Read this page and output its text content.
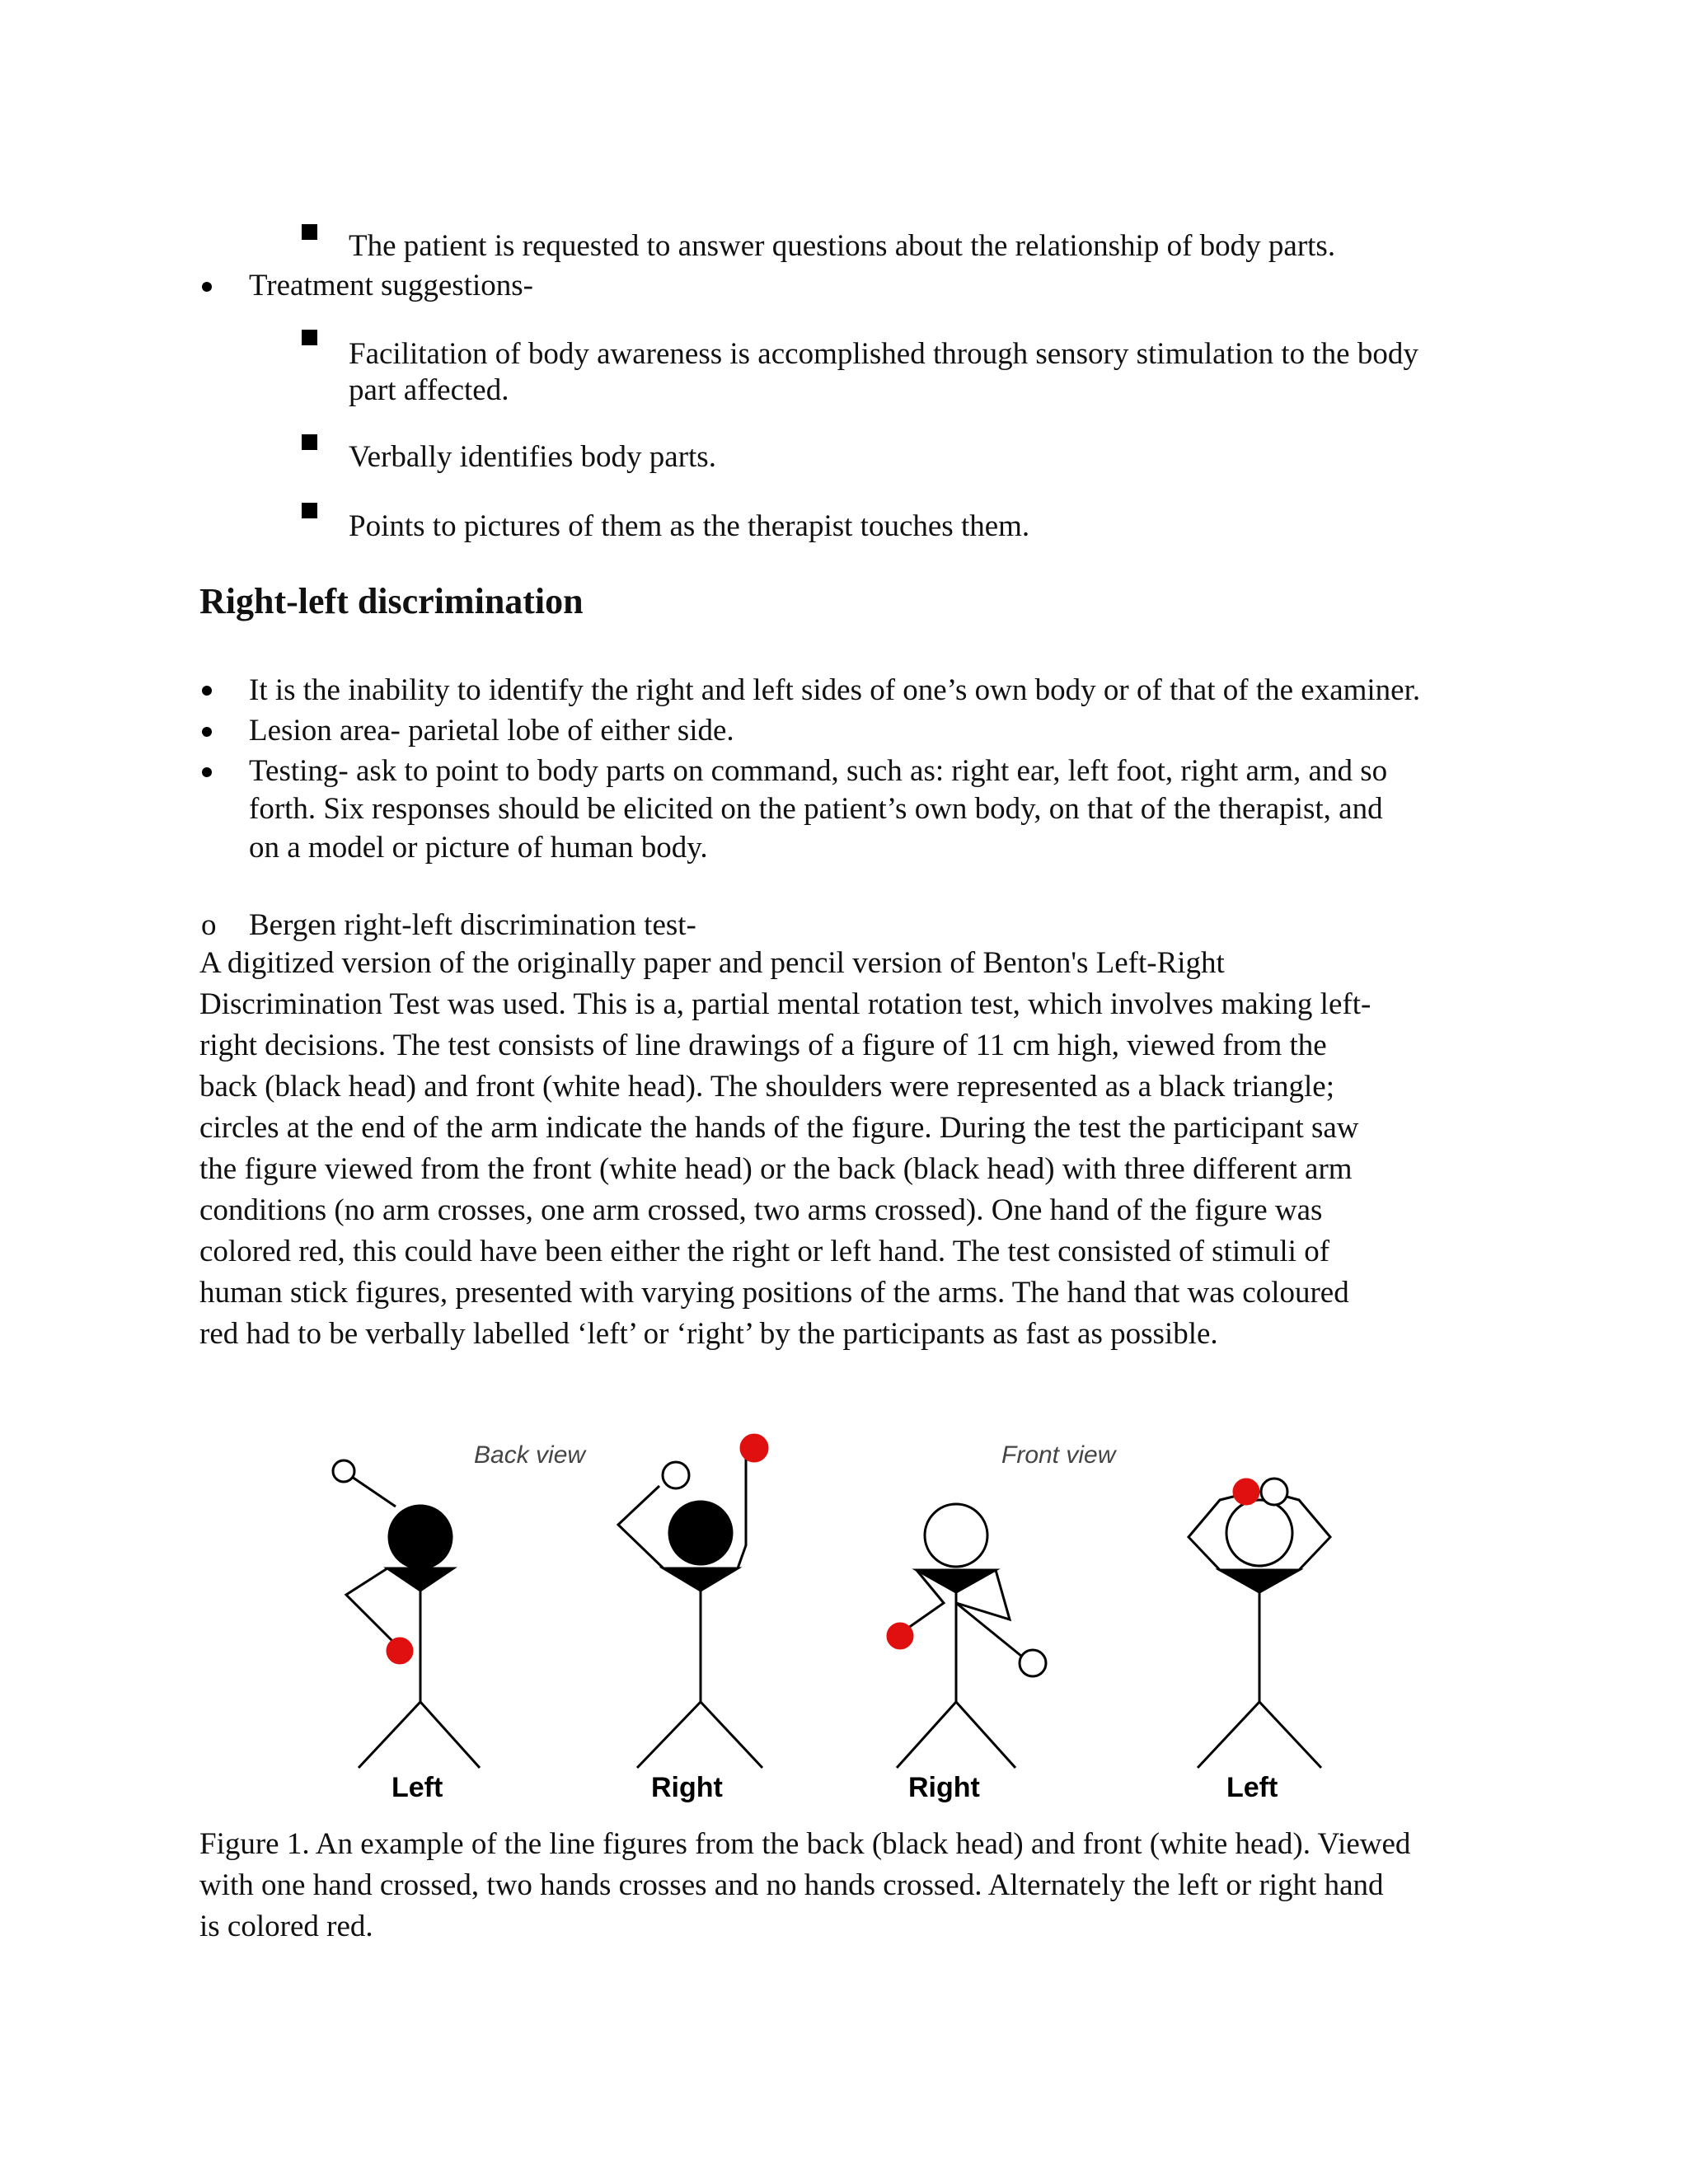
The patient is requested to answer questions about the relationship of body parts.
Treatment suggestions-
Facilitation of body awareness is accomplished through sensory stimulation to the body
part affected.
Verbally identifies body parts.
Points to pictures of them as the therapist touches them.
Right-left discrimination
It is the inability to identify the right and left sides of one’s own body or of that of the examiner.
Lesion area- parietal lobe of either side.
Testing- ask to point to body parts on command, such as: right ear, left foot, right arm, and so
forth. Six responses should be elicited on the patient’s own body, on that of the therapist, and
on a model or picture of human body.
o Bergen right-left discrimination test-
A digitized version of the originally paper and pencil version of Benton's Left-Right
Discrimination Test was used. This is a, partial mental rotation test, which involves making left-
right decisions. The test consists of line drawings of a figure of 11 cm high, viewed from the
back (black head) and front (white head). The shoulders were represented as a black triangle;
circles at the end of the arm indicate the hands of the figure. During the test the participant saw
the figure viewed from the front (white head) or the back (black head) with three different arm
conditions (no arm crosses, one arm crossed, two arms crossed). One hand of the figure was
colored red, this could have been either the right or left hand. The test consisted of stimuli of
human stick figures, presented with varying positions of the arms. The hand that was coloured
red had to be verbally labelled ‘left’ or ‘right’ by the participants as fast as possible.
Back view	Front view
Left	Right	Right	Left
Figure 1. An example of the line figures from the back (black head) and front (white head). Viewed
with one hand crossed, two hands crosses and no hands crossed. Alternately the left or right hand
is colored red.
